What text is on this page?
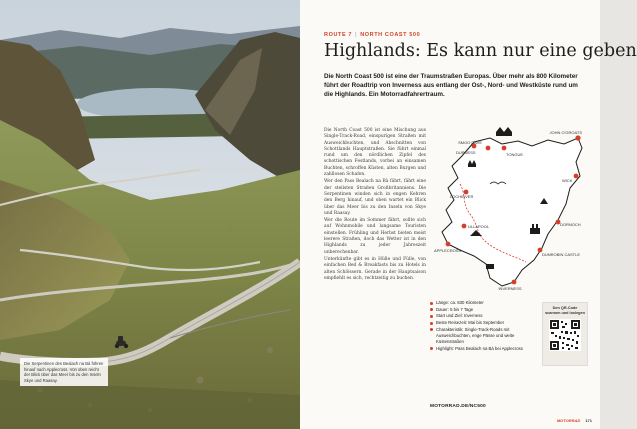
Die Serpentinen des Bealach na Bà führen hinauf nach Applecross. Von oben reicht der Blick über das Meer bis zu den Inseln Skye und Raasay.
ROUTE 7 | NORTH COAST 500
Highlands: Es kann nur eine geben
Die North Coast 500 ist eine der Traumstraßen Europas. Über mehr als 800 Kilometer führt der Roadtrip von Inverness aus entlang der Ost-, Nord- und Westküste rund um die Highlands. Ein Motorradfahrertraum.

Die North Coast 500 ist eine Mischung aus Single-Track-Road, einspurigen Straßen mit Ausweichbuchten, und Abschnitten von Schottlands Hauptstraßen. Sie führt einmal rund um den nördlichen Zipfel des schottischen Festlands, vorbei an einsamen Buchten, schroffen Küsten, alten Burgen und zahllosen Schafen.

Wer den Pass Bealach na Bà fährt, fährt eine der steilsten Straßen Großbritanniens. Die Serpentinen winden sich in engen Kehren den Berg hinauf, und oben wartet ein Blick über das Meer bis zu den Inseln von Skye und Raasay.

Wer die Route im Sommer fährt, sollte sich auf Wohnmobile und langsame Touristen einstellen. Frühling und Herbst bieten meist leerere Straßen, doch das Wetter ist in den Highlands zu jeder Jahreszeit unberechenbar.

Unterkünfte gibt es in Hülle und Fülle, von einfachen Bed & Breakfasts bis zu Hotels in alten Schlössern. Gerade in der Hauptsaison empfiehlt es sich, rechtzeitig zu buchen.

JOHN O'GROATS
TONGUE
DURNESS
ULLAPOOL
WICK
DORNOCH
LOCHINVER
INVERNESS
DUNROBIN CASTLE
APPLECROSS
SMOO CAVE
Länge: ca. 830 Kilometer
Dauer: 5 bis 7 Tage
Start und Ziel: Inverness
Beste Reisezeit: Mai bis September
Charakteristik: Single-Track-Roads mit Ausweichbuchten, enge Pässe und weite Küstenstraßen
Highlight: Pass Bealach na Bà bei Applecross
Den QR-Code scannen und loslegen
MOTORRAD.DE/NC500
MOTORRAD 171
